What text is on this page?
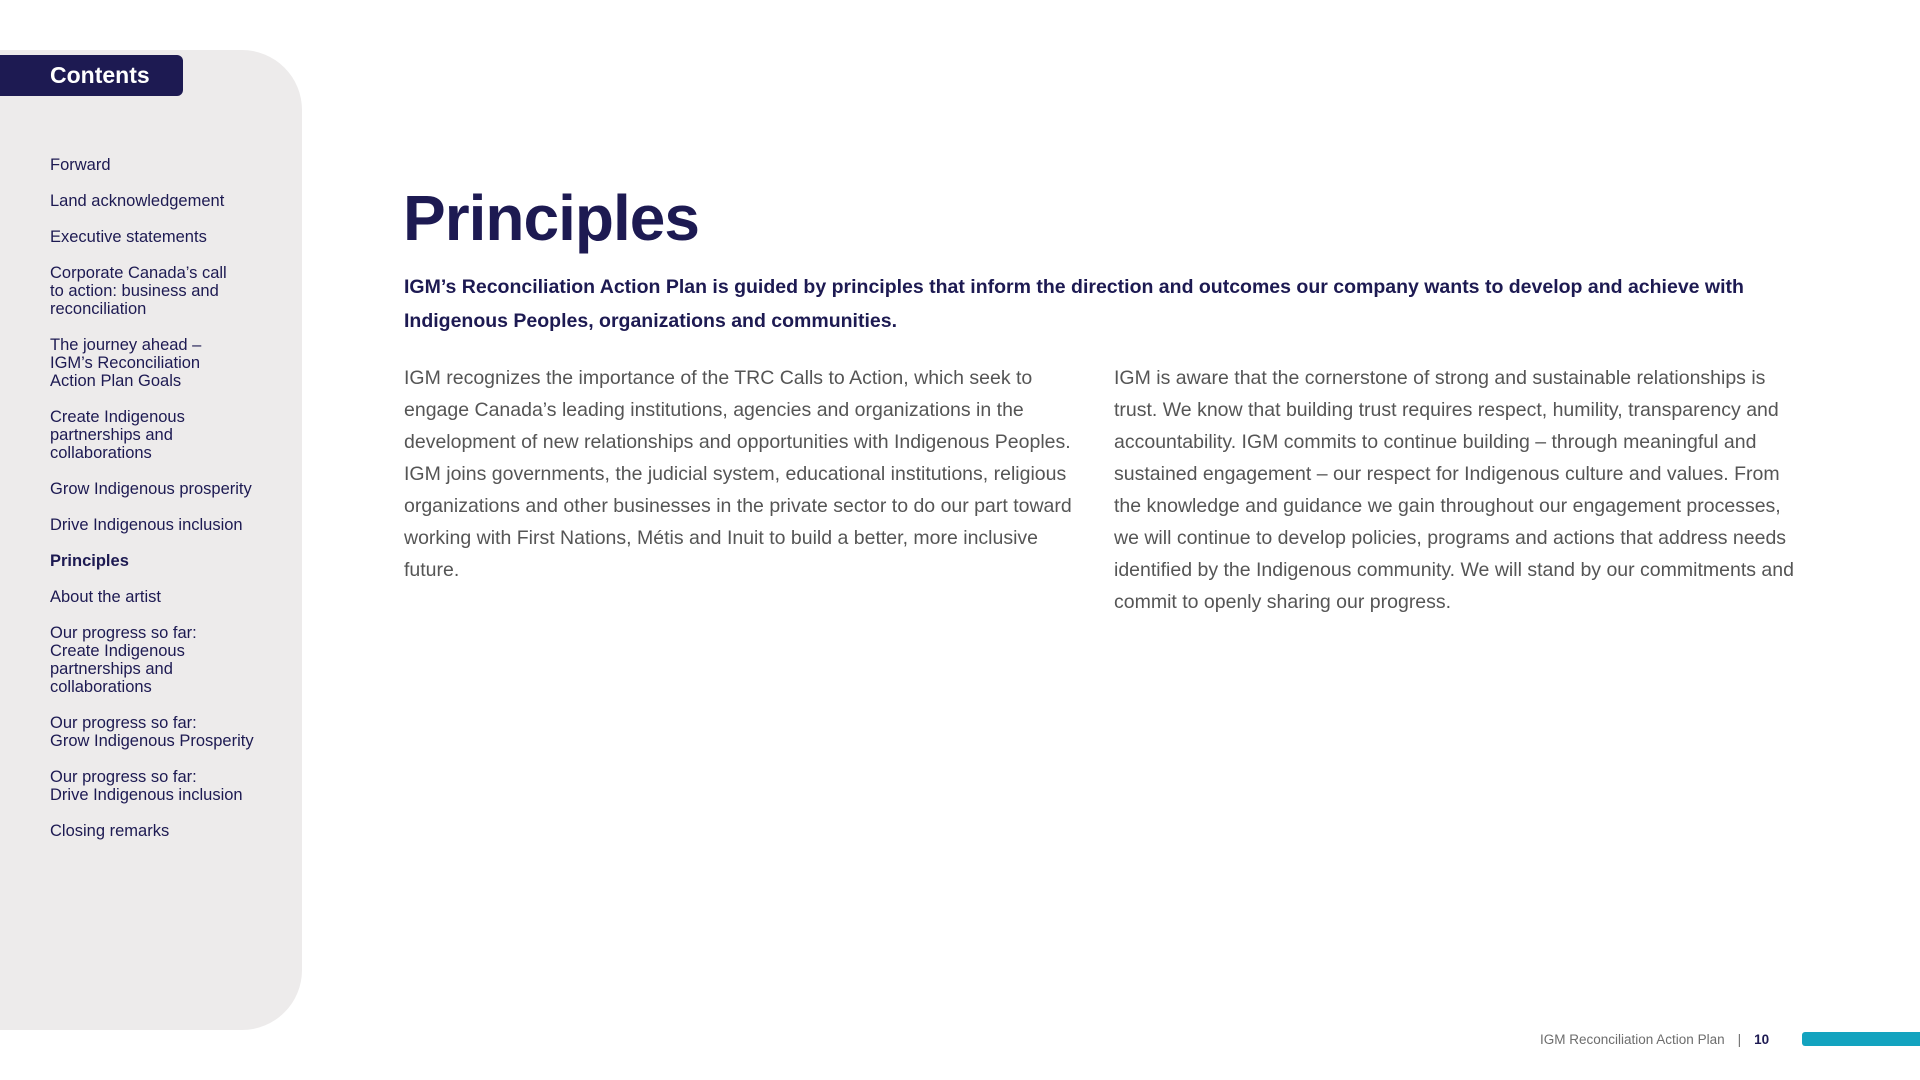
Contents
Forward
Land acknowledgement
Executive statements
Corporate Canada’s call
to action: business and
reconciliation
The journey ahead –
IGM’s Reconciliation
Action Plan Goals
Create Indigenous
partnerships and
collaborations
Grow Indigenous prosperity
Drive Indigenous inclusion
Principles
About the artist
Our progress so far:
Create Indigenous
partnerships and
collaborations
Our progress so far:
Grow Indigenous Prosperity
Our progress so far:
Drive Indigenous inclusion
Closing remarks
Principles

IGM’s Reconciliation Action Plan is guided by principles that inform the direction and outcomes our company wants to develop and achieve with Indigenous Peoples, organizations and communities.

IGM recognizes the importance of the TRC Calls to Action, which seek to engage Canada’s leading institutions, agencies and organizations in the development of new relationships and opportunities with Indigenous Peoples. IGM joins governments, the judicial system, educational institutions, religious organizations and other businesses in the private sector to do our part toward working with First Nations, Métis and Inuit to build a better, more inclusive future.

IGM is aware that the cornerstone of strong and sustainable relationships is trust. We know that building trust requires respect, humility, transparency and accountability. IGM commits to continue building – through meaningful and sustained engagement – our respect for Indigenous culture and values. From the knowledge and guidance we gain throughout our engagement processes, we will continue to develop policies, programs and actions that address needs identified by the Indigenous community. We will stand by our commitments and commit to openly sharing our progress.

IGM Reconciliation Action Plan | 10
